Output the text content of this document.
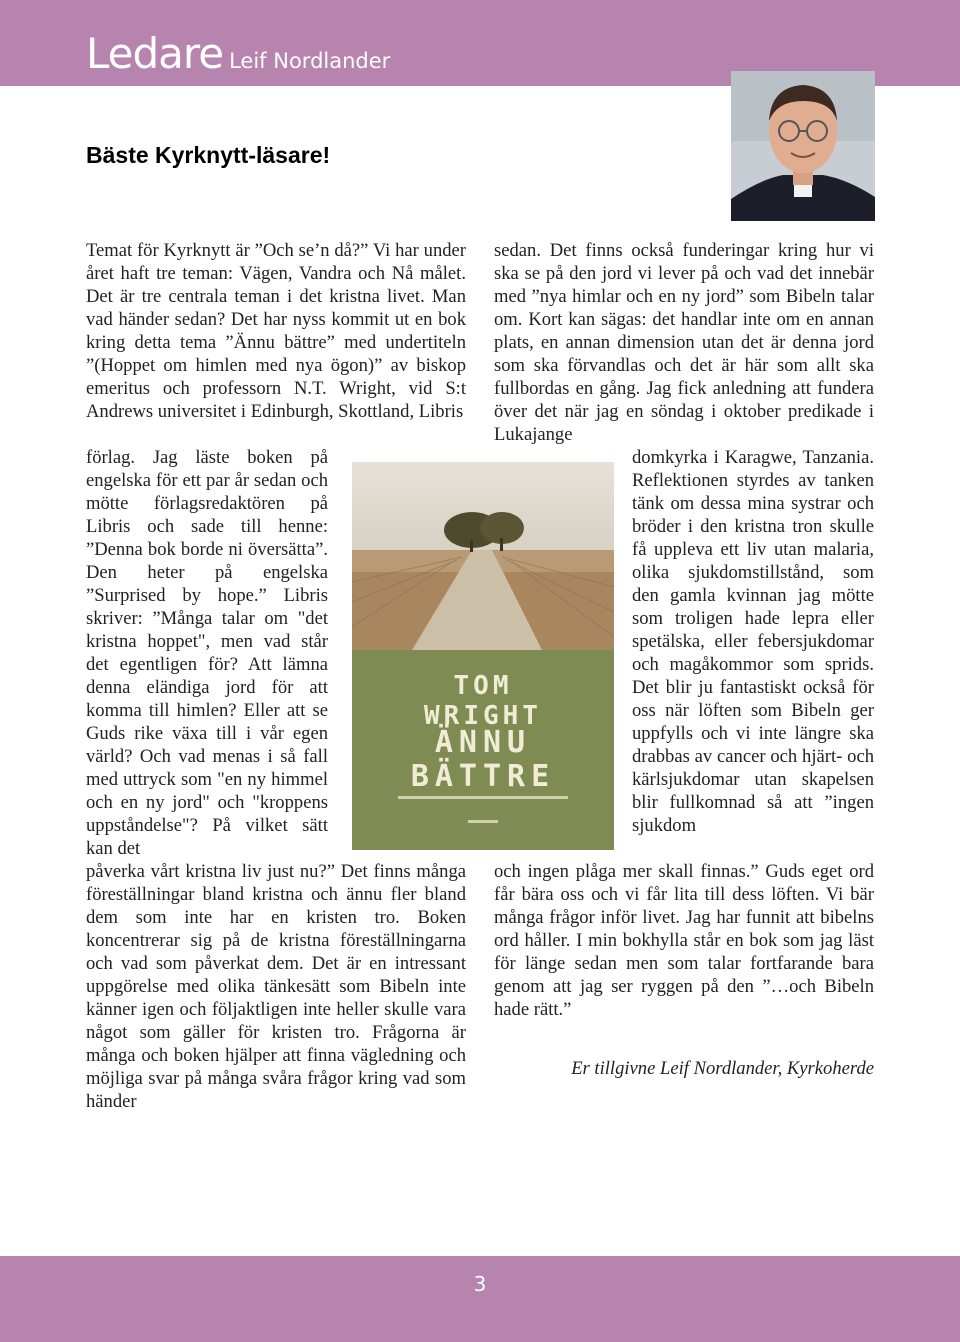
Ledare Leif Nordlander
Bäste Kyrknytt-läsare!

Temat för Kyrknytt är ”Och se’n då?” Vi har under året haft tre teman: Vägen, Vandra och Nå målet. Det är tre centrala teman i det kristna livet. Man vad händer sedan? Det har nyss kommit ut en bok kring detta tema ”Ännu bättre” med undertiteln ”(Hoppet om himlen med nya ögon)” av biskop emeritus och professorn N.T. Wright, vid S:t Andrews universitet i Edinburgh, Skottland, Libris

förlag. Jag läste boken på engelska för ett par år sedan och mötte förlagsredaktören på Libris och sade till henne: ”Denna bok borde ni översätta”. Den heter på engelska ”Surprised by hope.” Libris skriver: ”Många talar om "det kristna hoppet", men vad står det egentligen för? Att lämna denna eländiga jord för att komma till himlen? Eller att se Guds rike växa till i vår egen värld? Och vad menas i så fall med uttryck som "en ny himmel och en ny jord" och "kroppens uppståndelse"? På vilket sätt kan det

påverka vårt kristna liv just nu?” Det finns många föreställningar bland kristna och ännu fler bland dem som inte har en kristen tro. Boken koncentrerar sig på de kristna föreställningarna och vad som påverkat dem. Det är en intressant uppgörelse med olika tänkesätt som Bibeln inte känner igen och följaktligen inte heller skulle vara något som gäller för kristen tro. Frågorna är många och boken hjälper att finna vägledning och möjliga svar på många svåra frågor kring vad som händer

sedan. Det finns också funderingar kring hur vi ska se på den jord vi lever på och vad det innebär med ”nya himlar och en ny jord” som Bibeln talar om. Kort kan sägas: det handlar inte om en annan plats, en annan dimension utan det är denna jord som ska förvandlas och det är här som allt ska fullbordas en gång. Jag fick anledning att fundera över det när jag en söndag i oktober predikade i Lukajange

domkyrka i Karagwe, Tanzania. Reflektionen styrdes av tanken tänk om dessa mina systrar och bröder i den kristna tron skulle få uppleva ett liv utan malaria, olika sjukdomstillstånd, som den gamla kvinnan jag mötte som troligen hade lepra eller spetälska, eller febersjukdomar och magåkommor som sprids. Det blir ju fantastiskt också för oss när löften som Bibeln ger uppfylls och vi inte längre ska drabbas av cancer och hjärt- och kärlsjukdomar utan skapelsen blir fullkomnad så att ”ingen sjukdom

och ingen plåga mer skall finnas.” Guds eget ord får bära oss och vi får lita till dess löften. Vi bär många frågor inför livet. Jag har funnit att bibelns ord håller. I min bokhylla står en bok som jag läst för länge sedan men som talar fortfarande bara genom att jag ser ryggen på den ”…och Bibeln hade rätt.”

TOM
WRIGHT
ÄNNU
BÄTTRE
Er tillgivne Leif Nordlander, Kyrkoherde
3
